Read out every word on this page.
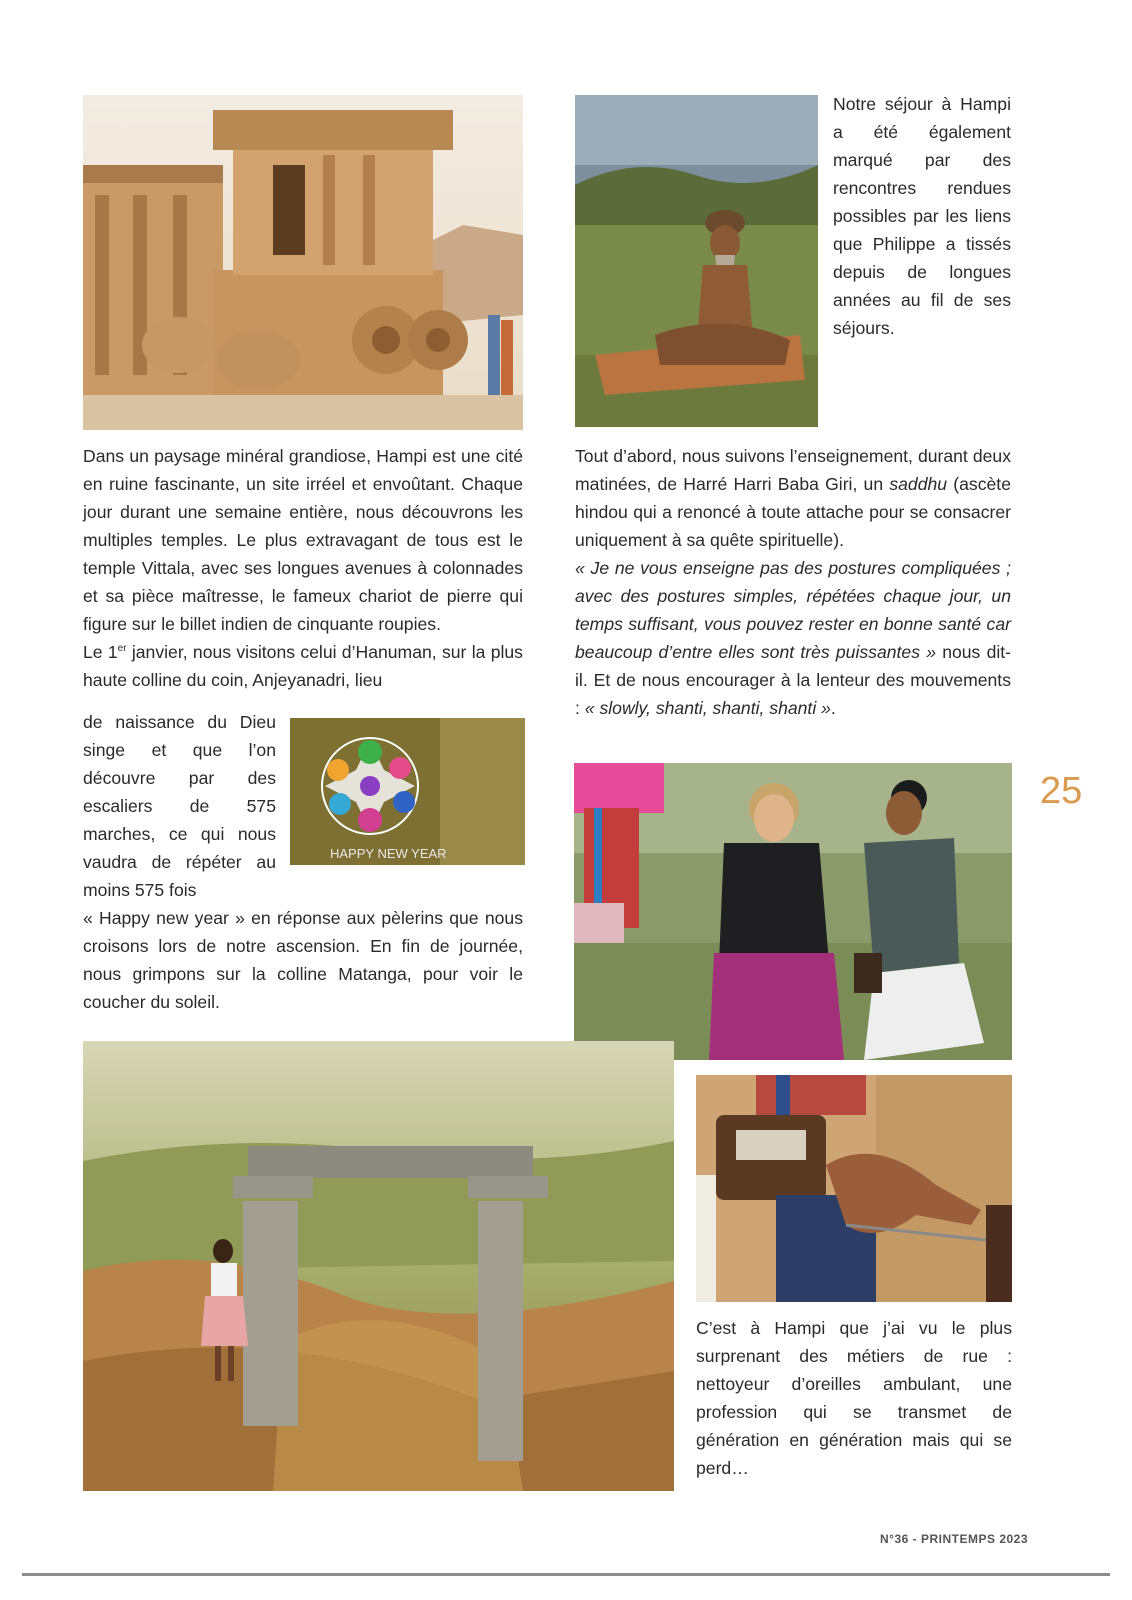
Notre séjour à Hampi a été également marqué par des rencontres rendues possibles par les liens que Philippe a tissés depuis de longues années au fil de ses séjours.

Dans un paysage minéral grandiose, Hampi est une cité en ruine fascinante, un site irréel et envoûtant. Chaque jour durant une semaine entière, nous découvrons les multiples temples. Le plus extravagant de tous est le temple Vittala, avec ses longues avenues à colonnades et sa pièce maîtresse, le fameux chariot de pierre qui figure sur le billet indien de cinquante roupies.

Le 1er janvier, nous visitons celui d’Hanuman, sur la plus haute colline du coin, Anjeyanadri, lieu

de naissance du Dieu singe et que l’on découvre par des escaliers de 575 marches, ce qui nous vaudra de répéter au moins 575 fois

« Happy new year » en réponse aux pèlerins que nous croisons lors de notre ascension. En fin de journée, nous grimpons sur la colline Matanga, pour voir le coucher du soleil.

HAPPY NEW YEAR

Tout d’abord, nous suivons l’enseignement, durant deux matinées, de Harré Harri Baba Giri, un saddhu (ascète hindou qui a renoncé à toute attache pour se consacrer uniquement à sa quête spirituelle).

« Je ne vous enseigne pas des postures compliquées ; avec des postures simples, répétées chaque jour, un temps suffisant, vous pouvez rester en bonne santé car beaucoup d’entre elles sont très puissantes » nous dit-il. Et de nous encourager à la lenteur des mouvements : « slowly, shanti, shanti, shanti ».

25
C’est à Hampi que j’ai vu le plus surprenant des métiers de rue : nettoyeur d’oreilles ambulant, une profession qui se transmet de génération en génération mais qui se perd…
N°36 - PRINTEMPS 2023
